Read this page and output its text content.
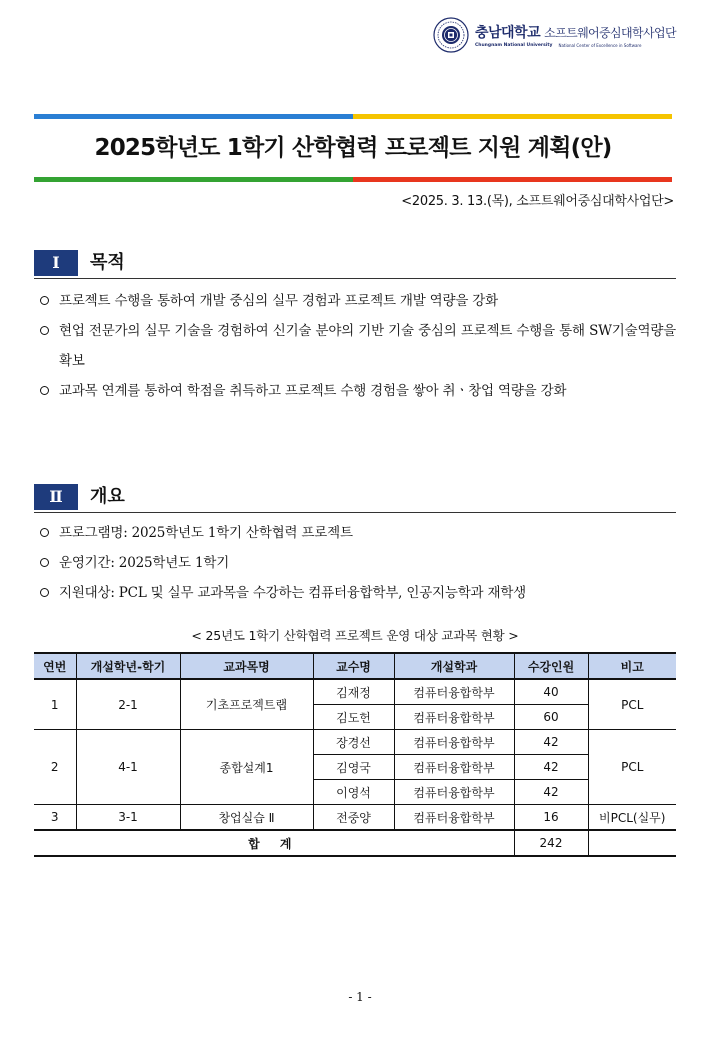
충남대학교 소프트웨어중심대학사업단
Chungnam National University National Center of Excellence in Software
2025학년도 1학기 산학협력 프로젝트 지원 계획(안)
<2025. 3. 13.(목), 소프트웨어중심대학사업단>
Ⅰ	목적
프로젝트 수행을 통하여 개발 중심의 실무 경험과 프로젝트 개발 역량을 강화
현업 전문가의 실무 기술을 경험하여 신기술 분야의 기반 기술 중심의 프로젝트 수행을 통해 SW기술역량을 확보
교과목 연계를 통하여 학점을 취득하고 프로젝트 수행 경험을 쌓아 취ㆍ창업 역량을 강화
Ⅱ	개요
프로그램명: 2025학년도 1학기 산학협력 프로젝트
운영기간: 2025학년도 1학기
지원대상: PCL 및 실무 교과목을 수강하는 컴퓨터융합학부, 인공지능학과 재학생
< 25년도 1학기 산학협력 프로젝트 운영 대상 교과목 현황 >
연번	개설학년-학기	교과목명	교수명	개설학과	수강인원	비고
1	2-1	기초프로젝트랩	김재정	컴퓨터융합학부	40	PCL
			김도헌	컴퓨터융합학부	60	
2	4-1	종합설계1	장경선	컴퓨터융합학부	42	PCL
			김영국	컴퓨터융합학부	42	
			이영석	컴퓨터융합학부	42	
3	3-1	창업실습 Ⅱ	전중양	컴퓨터융합학부	16	비PCL(실무)
합 계					242	
- 1 -
